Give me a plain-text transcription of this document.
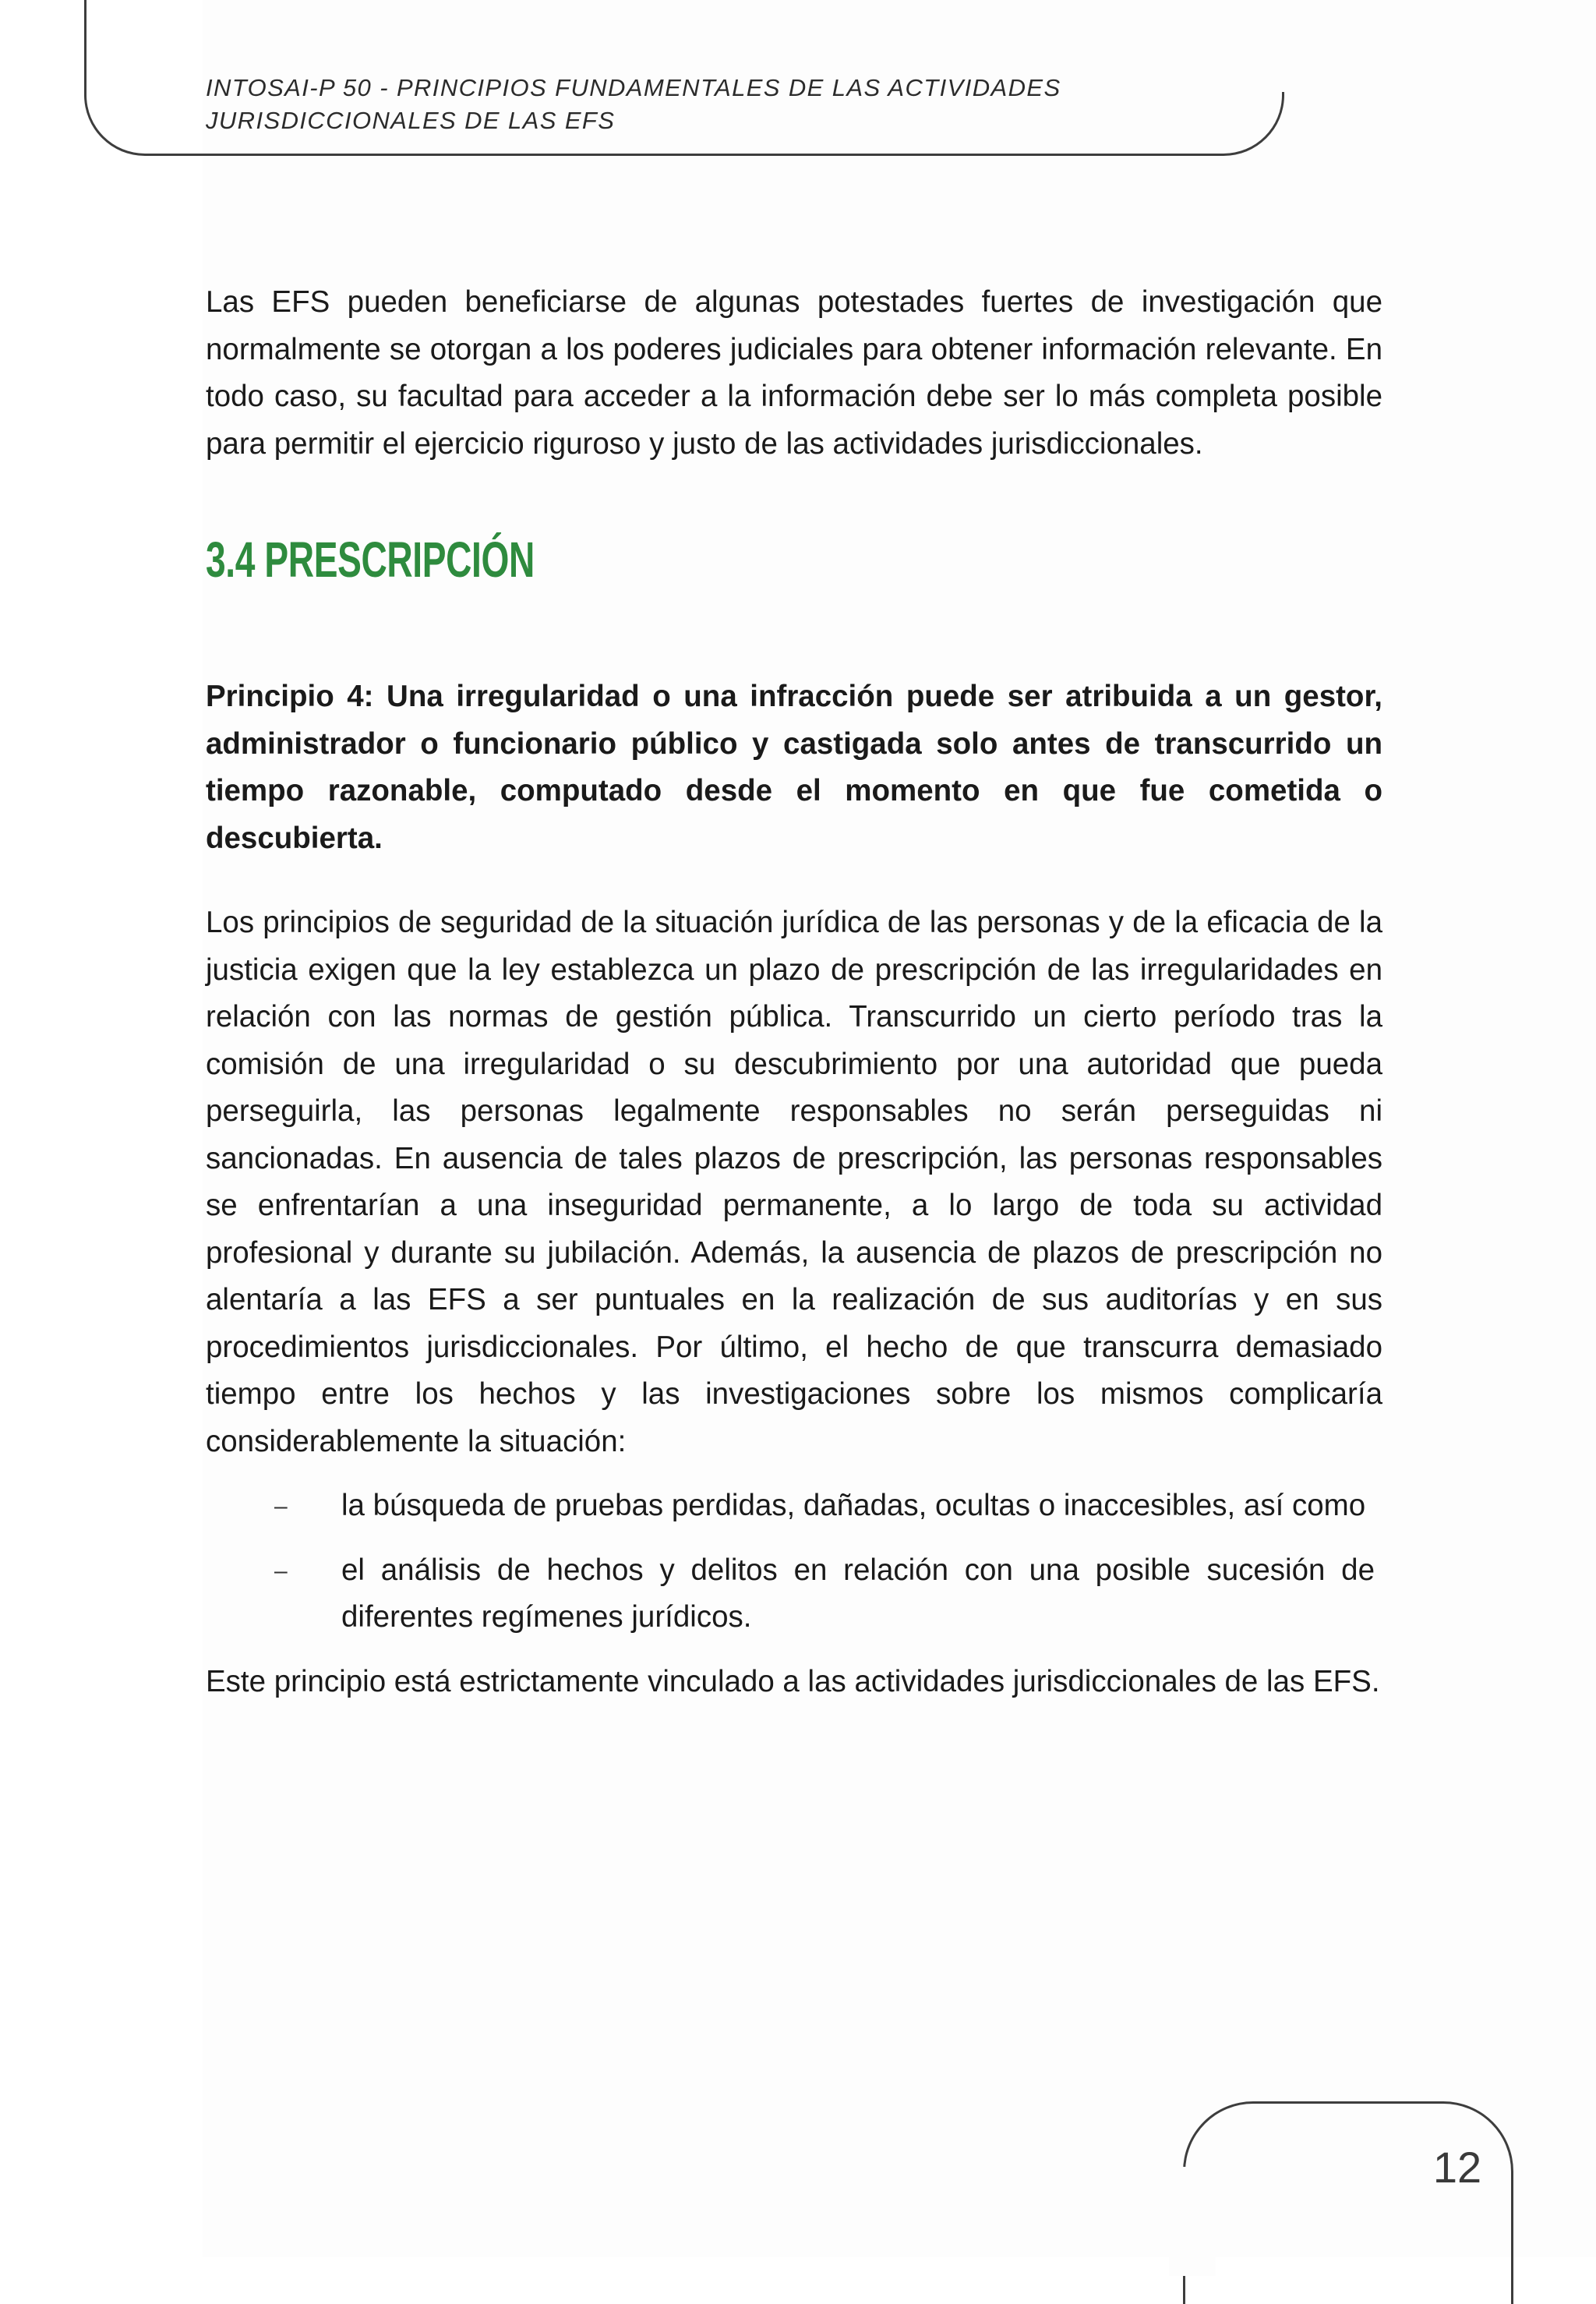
INTOSAI-P 50 - PRINCIPIOS FUNDAMENTALES DE LAS ACTIVIDADES
JURISDICCIONALES DE LAS EFS

Las EFS pueden beneficiarse de algunas potestades fuertes de investigación que normalmente se otorgan a los poderes judiciales para obtener información relevante. En todo caso, su facultad para acceder a la información debe ser lo más completa posible para permitir el ejercicio riguroso y justo de las actividades jurisdiccionales.

3.4 PRESCRIPCIÓN

Principio 4: Una irregularidad o una infracción puede ser atribuida a un gestor, administrador o funcionario público y castigada solo antes de transcurrido un tiempo razonable, computado desde el momento en que fue cometida o descubierta.

Los principios de seguridad de la situación jurídica de las personas y de la eficacia de la justicia exigen que la ley establezca un plazo de prescripción de las irregularidades en relación con las normas de gestión pública. Transcurrido un cierto período tras la comisión de una irregularidad o su descubrimiento por una autoridad que pueda perseguirla, las personas legalmente responsables no serán perseguidas ni sancionadas. En ausencia de tales plazos de prescripción, las personas responsables se enfrentarían a una inseguridad permanente, a lo largo de toda su actividad profesional y durante su jubilación. Además, la ausencia de plazos de prescripción no alentaría a las EFS a ser puntuales en la realización de sus auditorías y en sus procedimientos jurisdiccionales. Por último, el hecho de que transcurra demasiado tiempo entre los hechos y las investigaciones sobre los mismos complicaría considerablemente la situación:

– la búsqueda de pruebas perdidas, dañadas, ocultas o inaccesibles, así como
– el análisis de hechos y delitos en relación con una posible sucesión de diferentes regímenes jurídicos.

Este principio está estrictamente vinculado a las actividades jurisdiccionales de las EFS.

12
